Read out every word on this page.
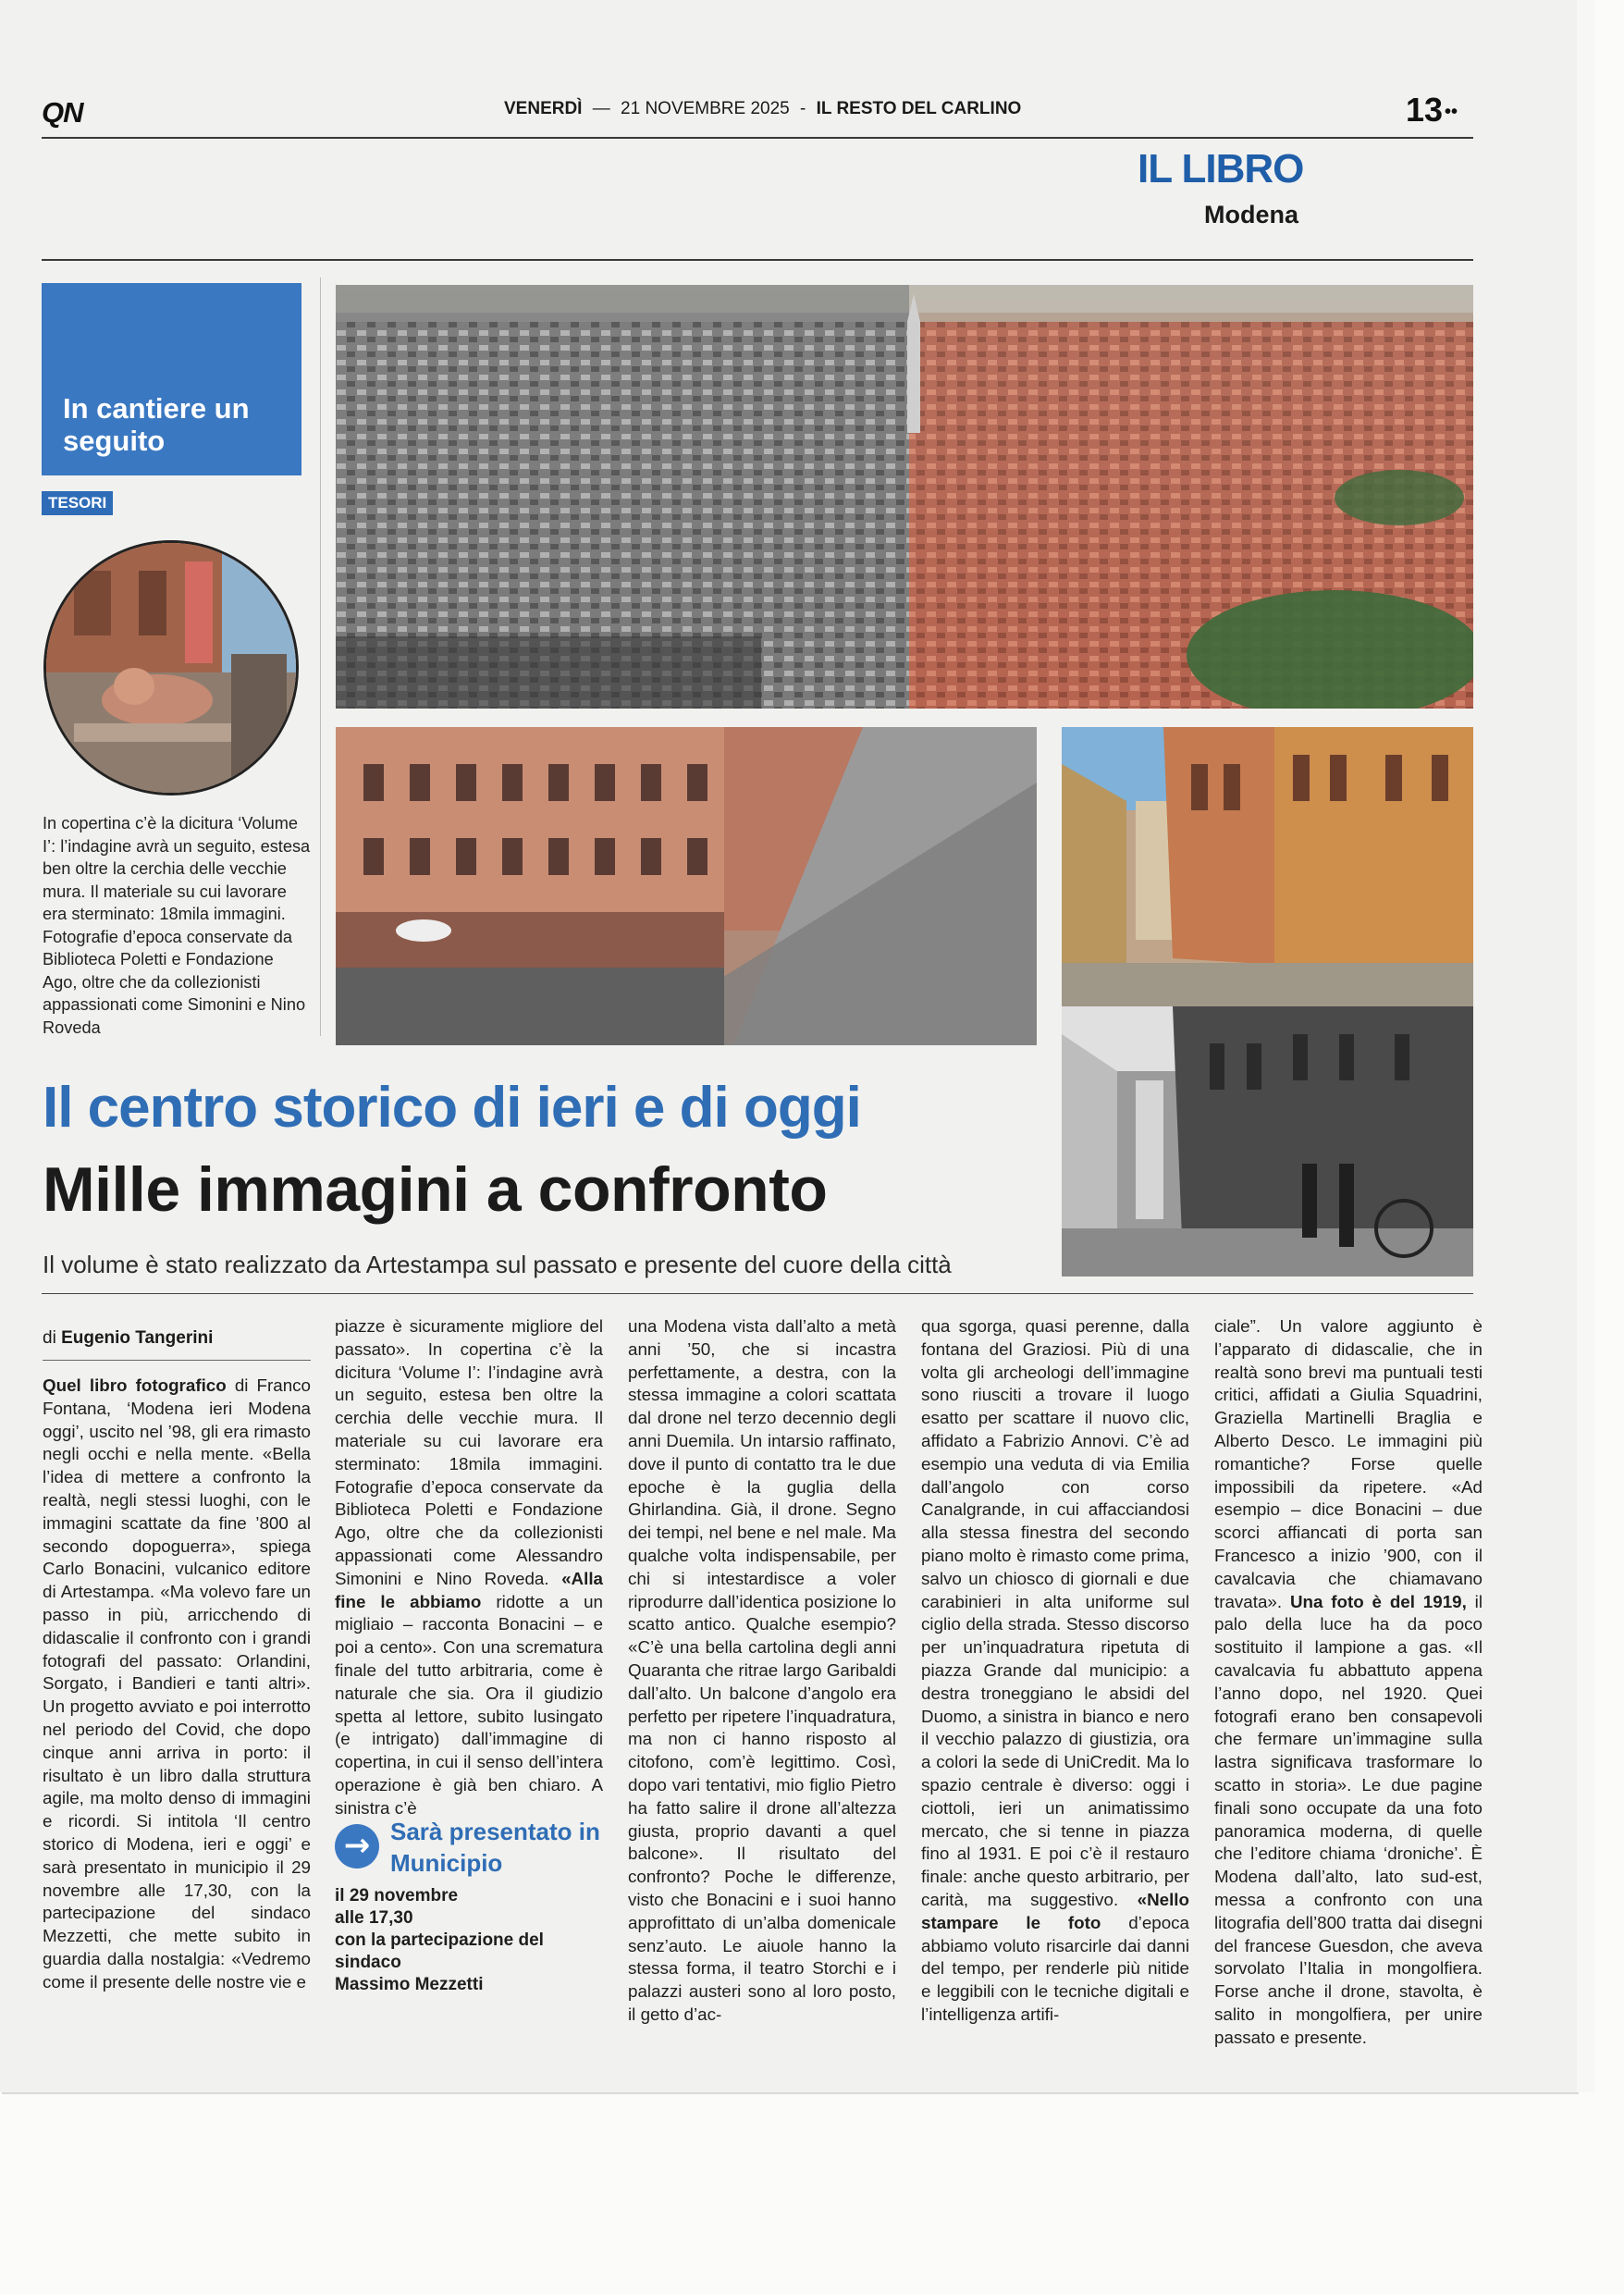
QN	VENERDÌ — 21 NOVEMBRE 2025 - IL RESTO DEL CARLINO	13 ••
IL LIBRO
Modena
In cantiere un seguito
TESORI
In copertina c’è la dicitura ‘Volume I’: l’indagine avrà un seguito, estesa ben oltre la cerchia delle vecchie mura. Il materiale su cui lavorare era sterminato: 18mila immagini. Fotografie d’epoca conservate da Biblioteca Poletti e Fondazione Ago, oltre che da collezionisti appassionati come Simonini e Nino Roveda
Il centro storico di ieri e di oggi
Mille immagini a confronto
Il volume è stato realizzato da Artestampa sul passato e presente del cuore della città
di Eugenio Tangerini
Quel libro fotografico di Franco Fontana, ‘Modena ieri Modena oggi’, uscito nel ’98, gli era rimasto negli occhi e nella mente. «Bella l’idea di mettere a confronto la realtà, negli stessi luoghi, con le immagini scattate da fine ’800 al secondo dopoguerra», spiega Carlo Bonacini, vulcanico editore di Artestampa. «Ma volevo fare un passo in più, arricchendo di didascalie il confronto con i grandi fotografi del passato: Orlandini, Sorgato, i Bandieri e tanti altri». Un progetto avviato e poi interrotto nel periodo del Covid, che dopo cinque anni arriva in porto: il risultato è un libro dalla struttura agile, ma molto denso di immagini e ricordi. Si intitola ‘Il centro storico di Modena, ieri e oggi’ e sarà presentato in municipio il 29 novembre alle 17,30, con la partecipazione del sindaco Mezzetti, che mette subito in guardia dalla nostalgia: «Vedremo come il presente delle nostre vie e
piazze è sicuramente migliore del passato». In copertina c’è la dicitura ‘Volume I’: l’indagine avrà un seguito, estesa ben oltre la cerchia delle vecchie mura. Il materiale su cui lavorare era sterminato: 18mila immagini. Fotografie d’epoca conservate da Biblioteca Poletti e Fondazione Ago, oltre che da collezionisti appassionati come Alessandro Simonini e Nino Roveda. «Alla fine le abbiamo ridotte a un migliaio – racconta Bonacini – e poi a cento». Con una scrematura finale del tutto arbitraria, come è naturale che sia. Ora il giudizio spetta al lettore, subito lusingato (e intrigato) dall’immagine di copertina, in cui il senso dell’intera operazione è già ben chiaro. A sinistra c’è
→ Sarà presentato in Municipio
il 29 novembre
alle 17,30
con la partecipazione del
sindaco
Massimo Mezzetti
una Modena vista dall’alto a metà anni ’50, che si incastra perfettamente, a destra, con la stessa immagine a colori scattata dal drone nel terzo decennio degli anni Duemila. Un intarsio raffinato, dove il punto di contatto tra le due epoche è la guglia della Ghirlandina. Già, il drone. Segno dei tempi, nel bene e nel male. Ma qualche volta indispensabile, per chi si intestardisce a voler riprodurre dall’identica posizione lo scatto antico. Qualche esempio? «C’è una bella cartolina degli anni Quaranta che ritrae largo Garibaldi dall’alto. Un balcone d’angolo era perfetto per ripetere l’inquadratura, ma non ci hanno risposto al citofono, com’è legittimo. Così, dopo vari tentativi, mio figlio Pietro ha fatto salire il drone all’altezza giusta, proprio davanti a quel balcone». Il risultato del confronto? Poche le differenze, visto che Bonacini e i suoi hanno approfittato di un’alba domenicale senz’auto. Le aiuole hanno la stessa forma, il teatro Storchi e i palazzi austeri sono al loro posto, il getto d’ac-
qua sgorga, quasi perenne, dalla fontana del Graziosi. Più di una volta gli archeologi dell’immagine sono riusciti a trovare il luogo esatto per scattare il nuovo clic, affidato a Fabrizio Annovi. C’è ad esempio una veduta di via Emilia dall’angolo con corso Canalgrande, in cui affacciandosi alla stessa finestra del secondo piano molto è rimasto come prima, salvo un chiosco di giornali e due carabinieri in alta uniforme sul ciglio della strada. Stesso discorso per un’inquadratura ripetuta di piazza Grande dal municipio: a destra troneggiano le absidi del Duomo, a sinistra in bianco e nero il vecchio palazzo di giustizia, ora a colori la sede di UniCredit. Ma lo spazio centrale è diverso: oggi i ciottoli, ieri un animatissimo mercato, che si tenne in piazza fino al 1931. E poi c’è il restauro finale: anche questo arbitrario, per carità, ma suggestivo. «Nello stampare le foto d’epoca abbiamo voluto risarcirle dai danni del tempo, per renderle più nitide e leggibili con le tecniche digitali e l’intelligenza artifi-
ciale”. Un valore aggiunto è l’apparato di didascalie, che in realtà sono brevi ma puntuali testi critici, affidati a Giulia Squadrini, Graziella Martinelli Braglia e Alberto Desco. Le immagini più romantiche? Forse quelle impossibili da ripetere. «Ad esempio – dice Bonacini – due scorci affiancati di porta san Francesco a inizio ’900, con il cavalcavia che chiamavano travata». Una foto è del 1919, il palo della luce ha da poco sostituito il lampione a gas. «Il cavalcavia fu abbattuto appena l’anno dopo, nel 1920. Quei fotografi erano ben consapevoli che fermare un’immagine sulla lastra significava trasformare lo scatto in storia». Le due pagine finali sono occupate da una foto panoramica moderna, di quelle che l’editore chiama ‘droniche’. È Modena dall’alto, lato sud-est, messa a confronto con una litografia dell’800 tratta dai disegni del francese Guesdon, che aveva sorvolato l’Italia in mongolfiera. Forse anche il drone, stavolta, è salito in mongolfiera, per unire passato e presente.
